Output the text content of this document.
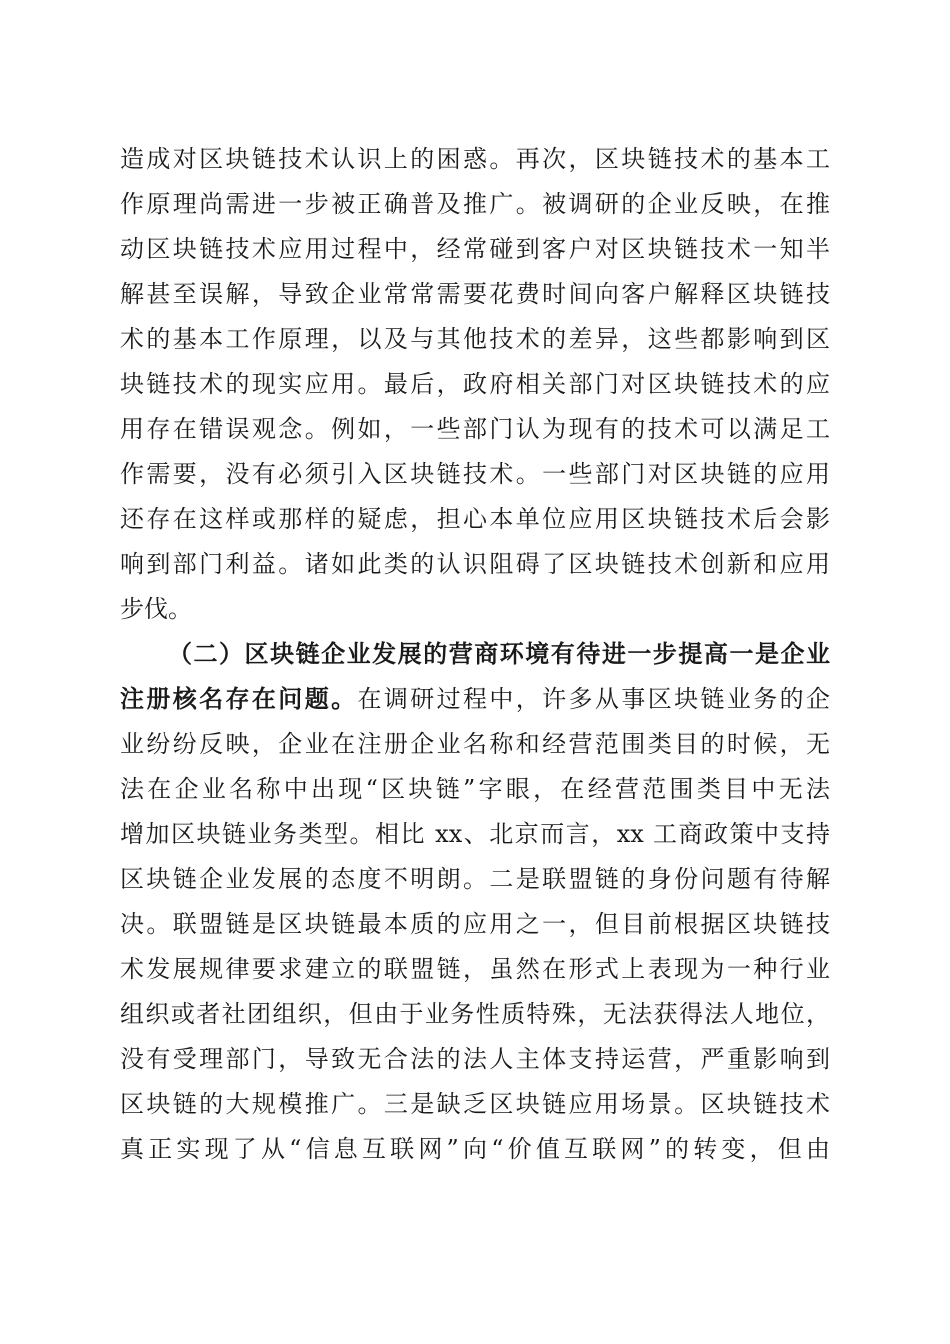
造成对区块链技术认识上的困惑。再次，区块链技术的基本工
作原理尚需进一步被正确普及推广。被调研的企业反映，在推
动区块链技术应用过程中，经常碰到客户对区块链技术一知半
解甚至误解，导致企业常常需要花费时间向客户解释区块链技
术的基本工作原理，以及与其他技术的差异，这些都影响到区
块链技术的现实应用。最后，政府相关部门对区块链技术的应
用存在错误观念。例如，一些部门认为现有的技术可以满足工
作需要，没有必须引入区块链技术。一些部门对区块链的应用
还存在这样或那样的疑虑，担心本单位应用区块链技术后会影
响到部门利益。诸如此类的认识阻碍了区块链技术创新和应用
步伐。
（二）区块链企业发展的营商环境有待进一步提高一是企业
注册核名存在问题。在调研过程中，许多从事区块链业务的企
业纷纷反映，企业在注册企业名称和经营范围类目的时候，无
法在企业名称中出现“区块链”字眼，在经营范围类目中无法
增加区块链业务类型。相比 xx、北京而言，xx 工商政策中支持
区块链企业发展的态度不明朗。二是联盟链的身份问题有待解
决。联盟链是区块链最本质的应用之一，但目前根据区块链技
术发展规律要求建立的联盟链，虽然在形式上表现为一种行业
组织或者社团组织，但由于业务性质特殊，无法获得法人地位，
没有受理部门，导致无合法的法人主体支持运营，严重影响到
区块链的大规模推广。三是缺乏区块链应用场景。区块链技术
真正实现了从“信息互联网”向“价值互联网”的转变，但由
